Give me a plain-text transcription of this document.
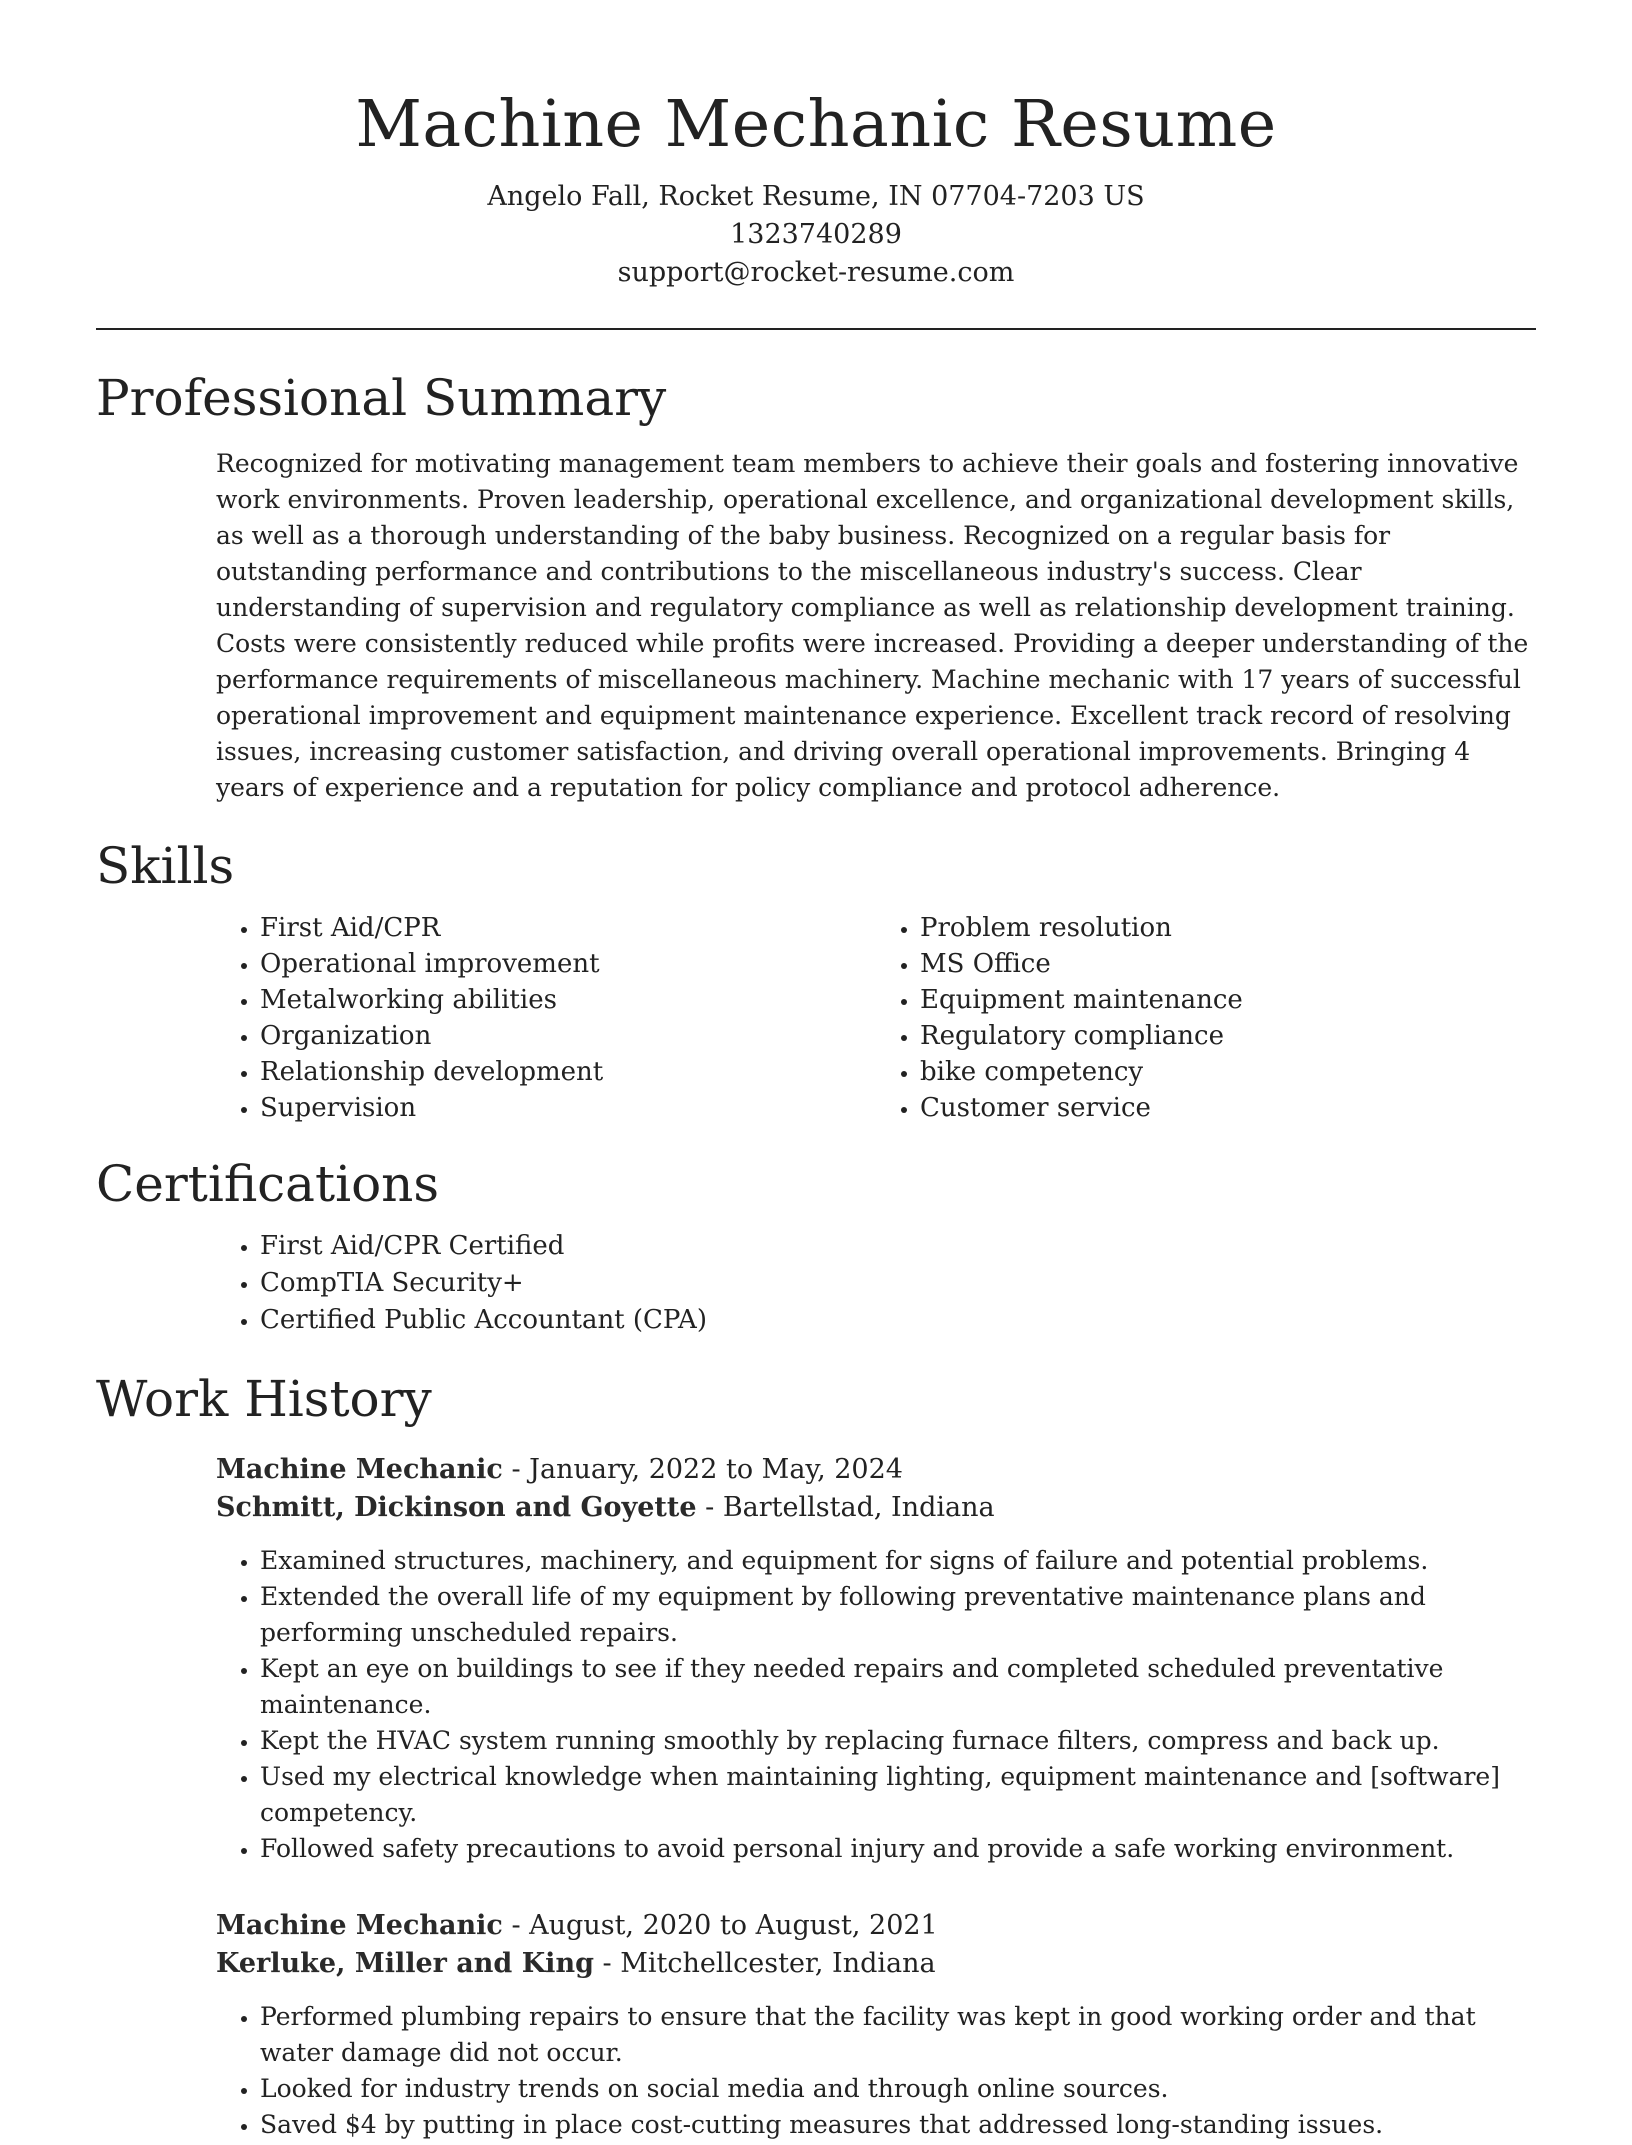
Machine Mechanic Resume
Angelo Fall, Rocket Resume, IN 07704-7203 US
1323740289
support@rocket-resume.com
Professional Summary

Recognized for motivating management team members to achieve their goals and fostering innovative work environments. Proven leadership, operational excellence, and organizational development skills, as well as a thorough understanding of the baby business. Recognized on a regular basis for outstanding performance and contributions to the miscellaneous industry's success. Clear understanding of supervision and regulatory compliance as well as relationship development training. Costs were consistently reduced while profits were increased. Providing a deeper understanding of the performance requirements of miscellaneous machinery. Machine mechanic with 17 years of successful operational improvement and equipment maintenance experience. Excellent track record of resolving issues, increasing customer satisfaction, and driving overall operational improvements. Bringing 4 years of experience and a reputation for policy compliance and protocol adherence.

Skills
• First Aid/CPR
• Operational improvement
• Metalworking abilities
• Organization
• Relationship development
• Supervision
• Problem resolution
• MS Office
• Equipment maintenance
• Regulatory compliance
• bike competency
• Customer service
Certifications
• First Aid/CPR Certified
• CompTIA Security+
• Certified Public Accountant (CPA)
Work History
Machine Mechanic - January, 2022 to May, 2024
Schmitt, Dickinson and Goyette - Bartellstad, Indiana
• Examined structures, machinery, and equipment for signs of failure and potential problems.
• Extended the overall life of my equipment by following preventative maintenance plans and performing unscheduled repairs.
• Kept an eye on buildings to see if they needed repairs and completed scheduled preventative maintenance.
• Kept the HVAC system running smoothly by replacing furnace filters, compress and back up.
• Used my electrical knowledge when maintaining lighting, equipment maintenance and [software] competency.
• Followed safety precautions to avoid personal injury and provide a safe working environment.
Machine Mechanic - August, 2020 to August, 2021
Kerluke, Miller and King - Mitchellcester, Indiana
• Performed plumbing repairs to ensure that the facility was kept in good working order and that water damage did not occur.
• Looked for industry trends on social media and through online sources.
• Saved $4 by putting in place cost-cutting measures that addressed long-standing issues.
